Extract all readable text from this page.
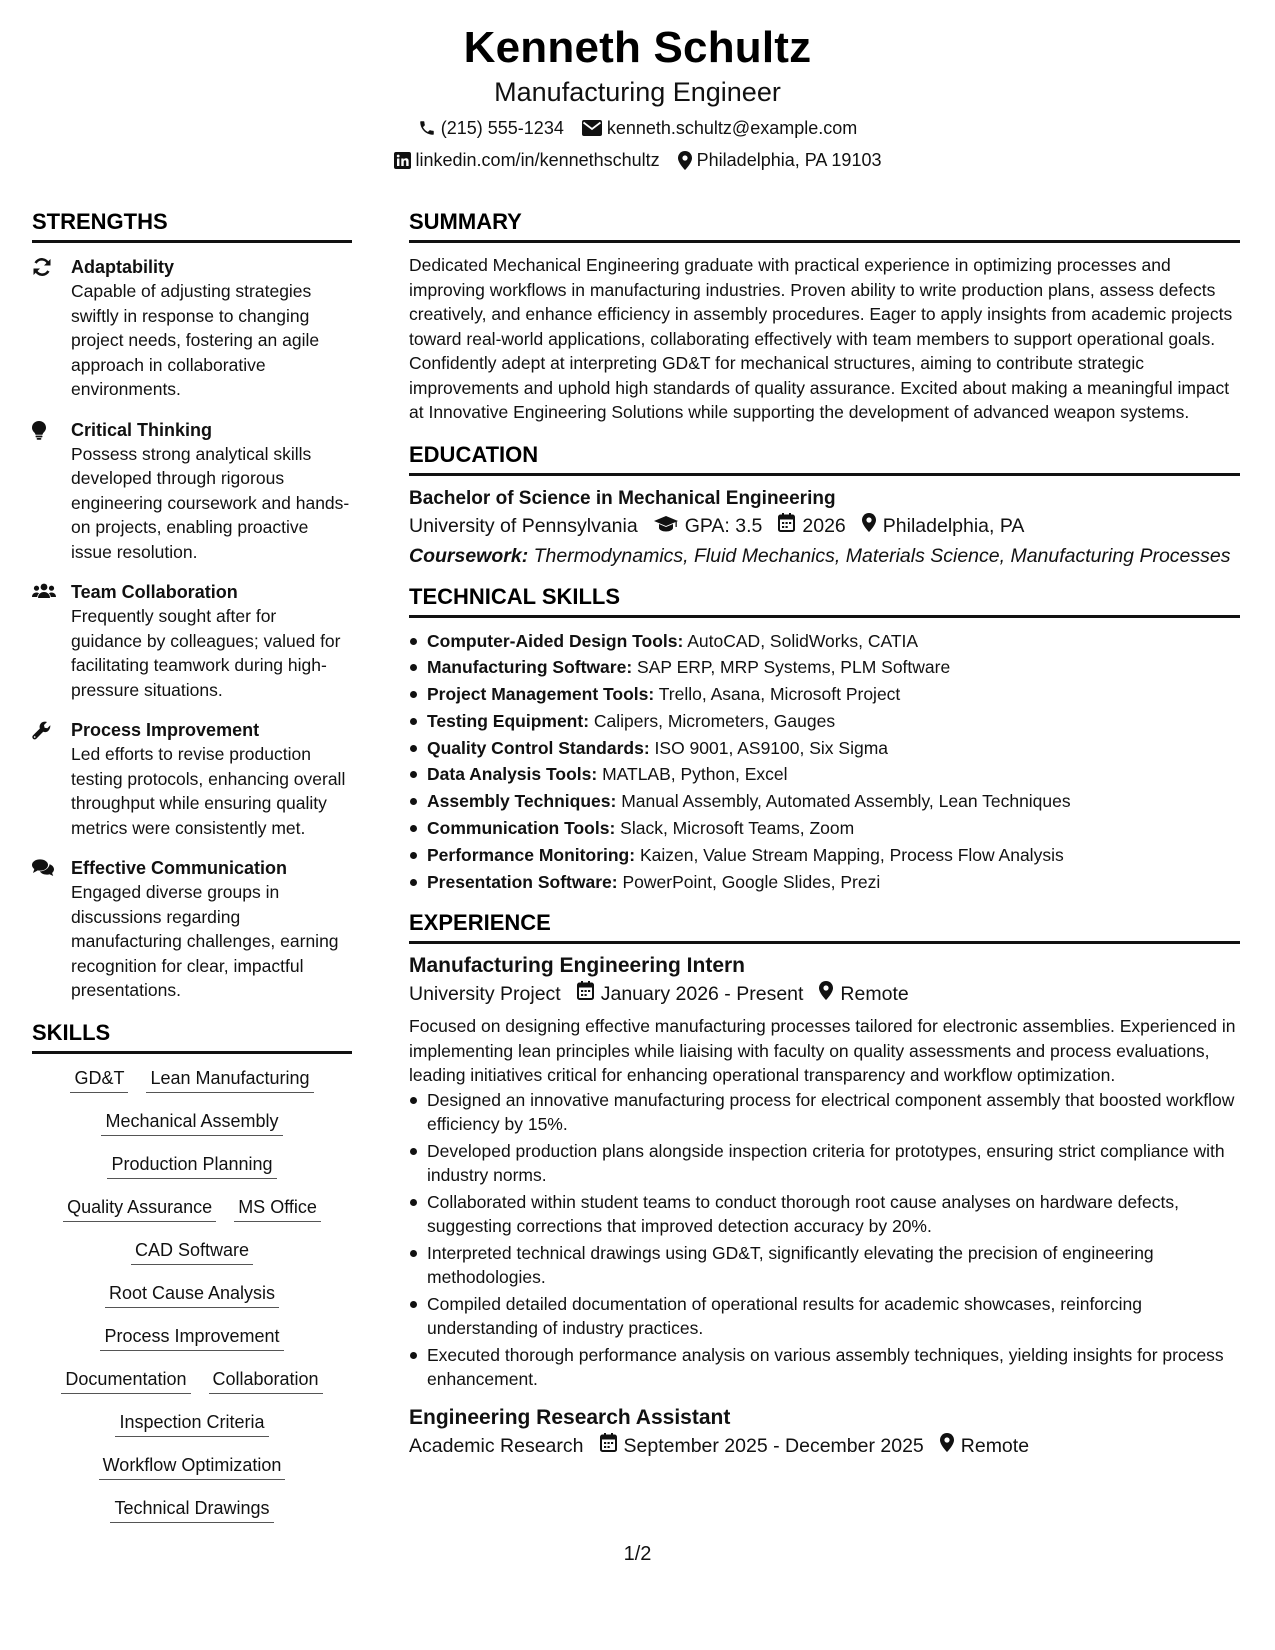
Kenneth Schultz
Manufacturing Engineer
(215) 555-1234 kenneth.schultz@example.com
linkedin.com/in/kennethschultz Philadelphia, PA 19103
STRENGTHS
Adaptability
Capable of adjusting strategies swiftly in response to changing project needs, fostering an agile approach in collaborative environments.
Critical Thinking
Possess strong analytical skills developed through rigorous engineering coursework and hands-on projects, enabling proactive issue resolution.
Team Collaboration
Frequently sought after for guidance by colleagues; valued for facilitating teamwork during high-pressure situations.
Process Improvement
Led efforts to revise production testing protocols, enhancing overall throughput while ensuring quality metrics were consistently met.
Effective Communication
Engaged diverse groups in discussions regarding manufacturing challenges, earning recognition for clear, impactful presentations.
SKILLS
GD&T Lean Manufacturing
Mechanical Assembly
Production Planning
Quality Assurance MS Office
CAD Software
Root Cause Analysis
Process Improvement
Documentation Collaboration
Inspection Criteria
Workflow Optimization
Technical Drawings
SUMMARY
Dedicated Mechanical Engineering graduate with practical experience in optimizing processes and improving workflows in manufacturing industries. Proven ability to write production plans, assess defects creatively, and enhance efficiency in assembly procedures. Eager to apply insights from academic projects toward real-world applications, collaborating effectively with team members to support operational goals. Confidently adept at interpreting GD&T for mechanical structures, aiming to contribute strategic improvements and uphold high standards of quality assurance. Excited about making a meaningful impact at Innovative Engineering Solutions while supporting the development of advanced weapon systems.
EDUCATION
Bachelor of Science in Mechanical Engineering
University of Pennsylvania GPA: 3.5 2026 Philadelphia, PA
Coursework: Thermodynamics, Fluid Mechanics, Materials Science, Manufacturing Processes
TECHNICAL SKILLS
Computer-Aided Design Tools: AutoCAD, SolidWorks, CATIA
Manufacturing Software: SAP ERP, MRP Systems, PLM Software
Project Management Tools: Trello, Asana, Microsoft Project
Testing Equipment: Calipers, Micrometers, Gauges
Quality Control Standards: ISO 9001, AS9100, Six Sigma
Data Analysis Tools: MATLAB, Python, Excel
Assembly Techniques: Manual Assembly, Automated Assembly, Lean Techniques
Communication Tools: Slack, Microsoft Teams, Zoom
Performance Monitoring: Kaizen, Value Stream Mapping, Process Flow Analysis
Presentation Software: PowerPoint, Google Slides, Prezi
EXPERIENCE
Manufacturing Engineering Intern
University Project January 2026 - Present Remote
Focused on designing effective manufacturing processes tailored for electronic assemblies. Experienced in implementing lean principles while liaising with faculty on quality assessments and process evaluations, leading initiatives critical for enhancing operational transparency and workflow optimization.
Designed an innovative manufacturing process for electrical component assembly that boosted workflow efficiency by 15%.
Developed production plans alongside inspection criteria for prototypes, ensuring strict compliance with industry norms.
Collaborated within student teams to conduct thorough root cause analyses on hardware defects, suggesting corrections that improved detection accuracy by 20%.
Interpreted technical drawings using GD&T, significantly elevating the precision of engineering methodologies.
Compiled detailed documentation of operational results for academic showcases, reinforcing understanding of industry practices.
Executed thorough performance analysis on various assembly techniques, yielding insights for process enhancement.
Engineering Research Assistant
Academic Research September 2025 - December 2025 Remote
1/2
